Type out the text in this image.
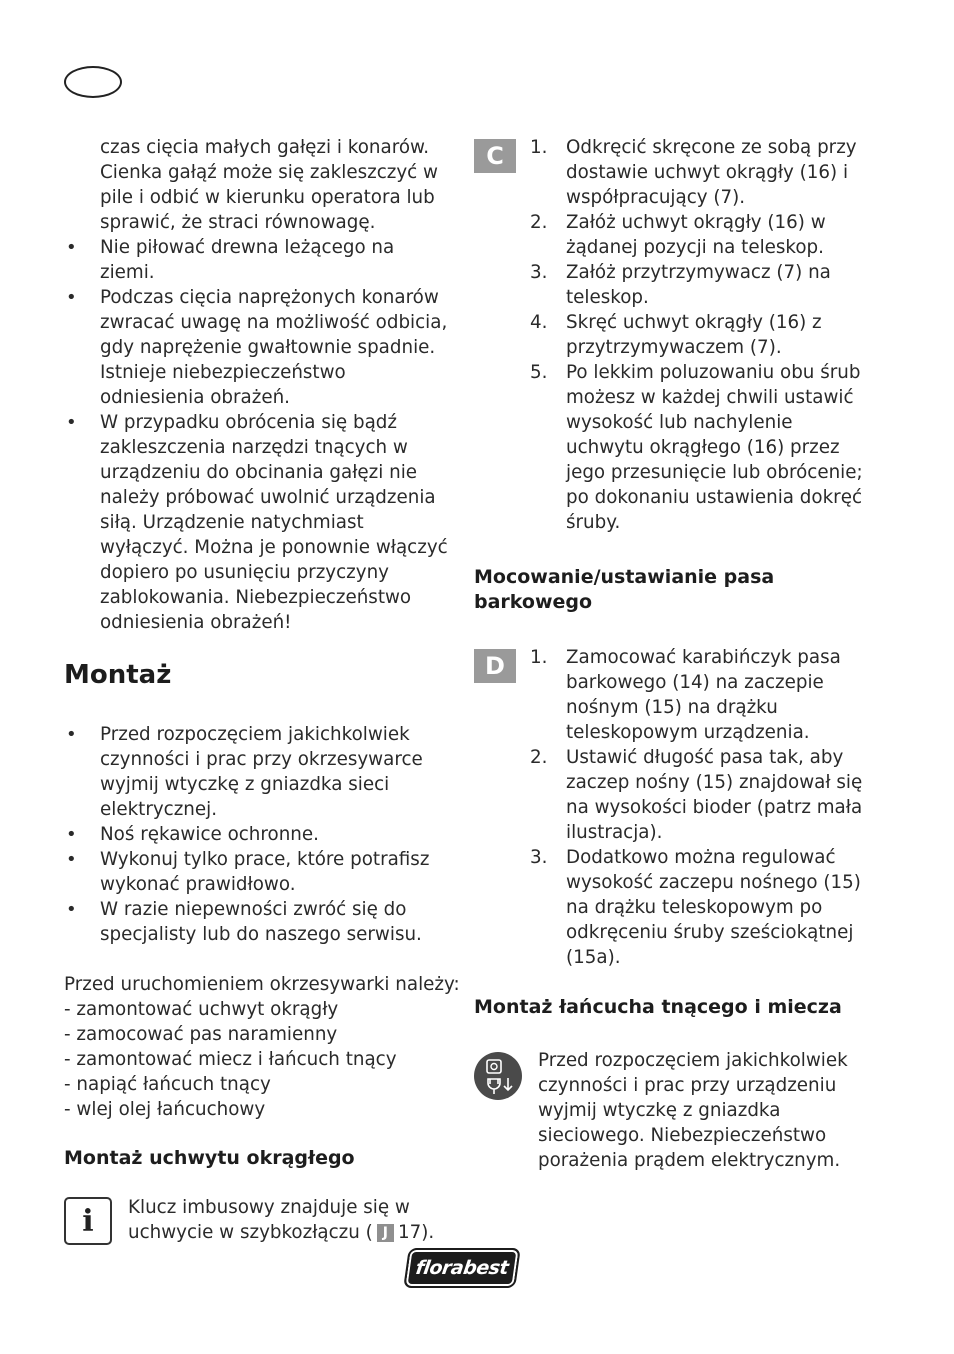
czas cięcia małych gałęzi i konarów.
Cienka gałąź może się zakleszczyć w
pile i odbić w kierunku operatora lub
sprawić, że straci równowagę.
• Nie piłować drewna leżącego na ziemi.
• Podczas cięcia naprężonych konarów zwracać uwagę na możliwość odbicia, gdy naprężenie gwałtownie spadnie. Istnieje niebezpieczeństwo odniesienia obrażeń.
• W przypadku obrócenia się bądź zakleszczenia narzędzi tnących w urządzeniu do obcinania gałęzi nie należy próbować uwolnić urządzenia siłą. Urządzenie natychmiast wyłączyć. Można je ponownie włączyć dopiero po usunięciu przyczyny zablokowania. Niebezpieczeństwo odniesienia obrażeń!
Montaż
• Przed rozpoczęciem jakichkolwiek czynności i prac przy okrzesywarce wyjmij wtyczkę z gniazdka sieci elektrycznej.
• Noś rękawice ochronne.
• Wykonuj tylko prace, które potrafisz wykonać prawidłowo.
• W razie niepewności zwróć się do specjalisty lub do naszego serwisu.
Przed uruchomieniem okrzesywarki należy:
- zamontować uchwyt okrągły
- zamocować pas naramienny
- zamontować miecz i łańcuch tnący
- napiąć łańcuch tnący
- wlej olej łańcuchowy
Montaż uchwytu okrągłego
i	Klucz imbusowy znajduje się w uchwycie w szybkozłączu ( J 17).
C	1. Odkręcić skręcone ze sobą przy dostawie uchwyt okrągły (16) i współpracujący (7).
2. Załóż uchwyt okrągły (16) w żądanej pozycji na teleskop.
3. Załóż przytrzymywacz (7) na teleskop.
4. Skręć uchwyt okrągły (16) z przytrzymywaczem (7).
5. Po lekkim poluzowaniu obu śrub możesz w każdej chwili ustawić wysokość lub nachylenie uchwytu okrągłego (16) przez jego przesunięcie lub obrócenie; po dokonaniu ustawienia dokręć śruby.
Mocowanie/ustawianie pasa barkowego
D	1. Zamocować karabińczyk pasa barkowego (14) na zaczepie nośnym (15) na drążku teleskopowym urządzenia.
2. Ustawić długość pasa tak, aby zaczep nośny (15) znajdował się na wysokości bioder (patrz mała ilustracja).
3. Dodatkowo można regulować wysokość zaczepu nośnego (15) na drążku teleskopowym po odkręceniu śruby sześciokątnej (15a).
Montaż łańcucha tnącego i miecza
Przed rozpoczęciem jakichkolwiek czynności i prac przy urządzeniu wyjmij wtyczkę z gniazdka sieciowego. Niebezpieczeństwo porażenia prądem elektrycznym.
florabest
